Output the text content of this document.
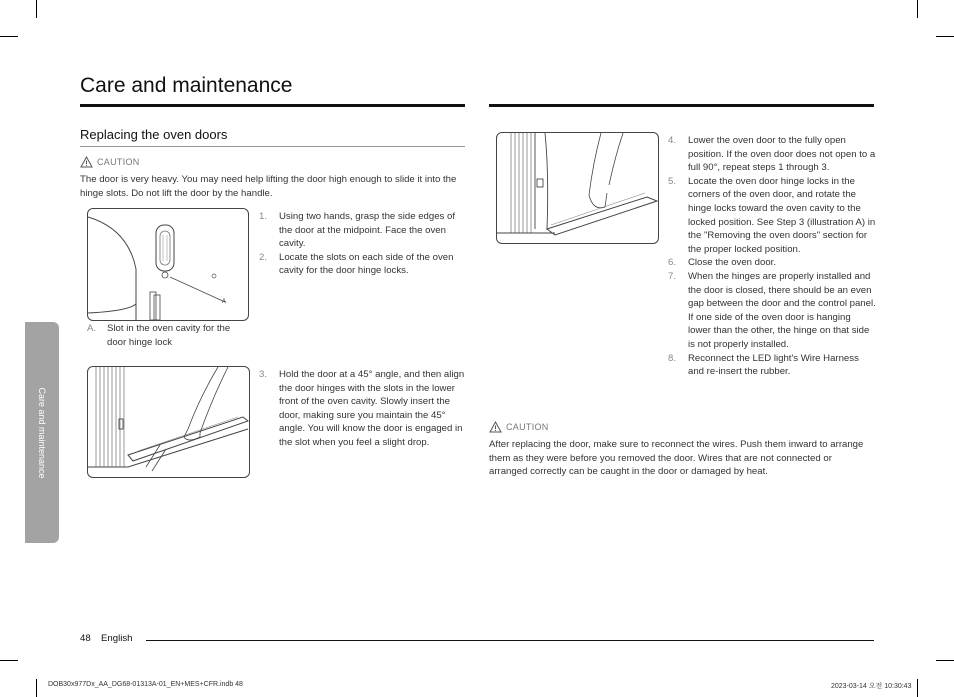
Care and maintenance
Care and maintenance
Replacing the oven doors
CAUTION
The door is very heavy. You may need help lifting the door high enough to slide it into the hinge slots. Do not lift the door by the handle.
A
A.	Slot in the oven cavity for the door hinge lock
1.	Using two hands, grasp the side edges of the door at the midpoint. Face the oven cavity.
2.	Locate the slots on each side of the oven cavity for the door hinge locks.
3.	Hold the door at a 45° angle, and then align the door hinges with the slots in the lower front of the oven cavity. Slowly insert the door, making sure you maintain the 45° angle. You will know the door is engaged in the slot when you feel a slight drop.
4.	Lower the oven door to the fully open position. If the oven door does not open to a full 90°, repeat steps 1 through 3.
5.	Locate the oven door hinge locks in the corners of the oven door, and rotate the hinge locks toward the oven cavity to the locked position. See Step 3 (illustration A) in the "Removing the oven doors" section for the proper locked position.
6.	Close the oven door.
7.	When the hinges are properly installed and the door is closed, there should be an even gap between the door and the control panel. If one side of the oven door is hanging lower than the other, the hinge on that side is not properly installed.
8.	Reconnect the LED light's Wire Harness and re-insert the rubber.
CAUTION
After replacing the door, make sure to reconnect the wires. Push them inward to arrange them as they were before you removed the door. Wires that are not connected or arranged correctly can be caught in the door or damaged by heat.
48 English
DOB30x977Dx_AA_DG68-01313A-01_EN+MES+CFR.indb 48	2023-03-14 오전 10:30:43
